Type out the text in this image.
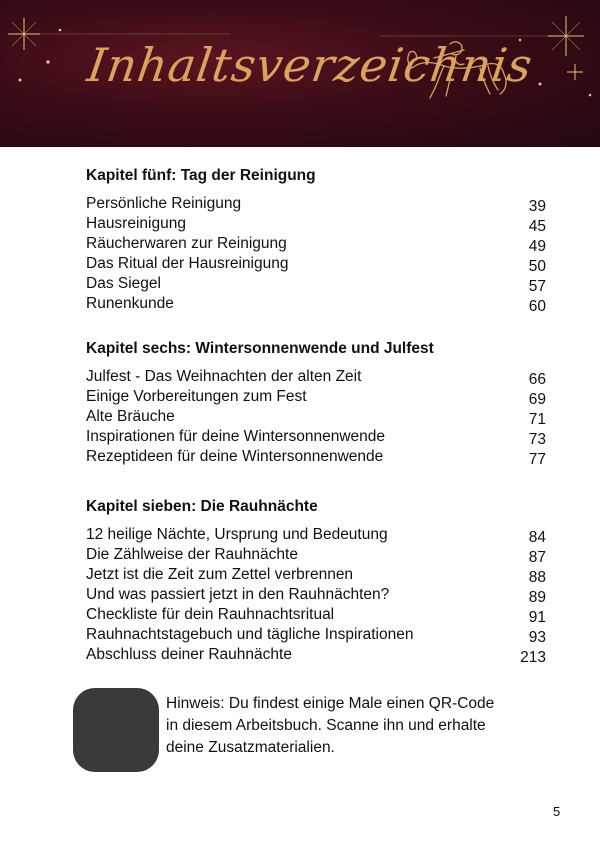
Inhaltsverzeichnis
Kapitel fünf: Tag der Reinigung
Persönliche Reinigung	39
Hausreinigung	45
Räucherwaren zur Reinigung	49
Das Ritual der Hausreinigung	50
Das Siegel	57
Runenkunde	60
Kapitel sechs: Wintersonnenwende und Julfest
Julfest - Das Weihnachten der alten Zeit	66
Einige Vorbereitungen zum Fest	69
Alte Bräuche	71
Inspirationen für deine Wintersonnenwende	73
Rezeptideen für deine Wintersonnenwende	77
Kapitel sieben: Die Rauhnächte
12 heilige Nächte, Ursprung und Bedeutung	84
Die Zählweise der Rauhnächte	87
Jetzt ist die Zeit zum Zettel verbrennen	88
Und was passiert jetzt in den Rauhnächten?	89
Checkliste für dein Rauhnachtsritual	91
Rauhnachtstagebuch und tägliche Inspirationen	93
Abschluss deiner Rauhnächte	213
Hinweis: Du findest einige Male einen QR-Code
in diesem Arbeitsbuch. Scanne ihn und erhalte
deine Zusatzmaterialien.
5
